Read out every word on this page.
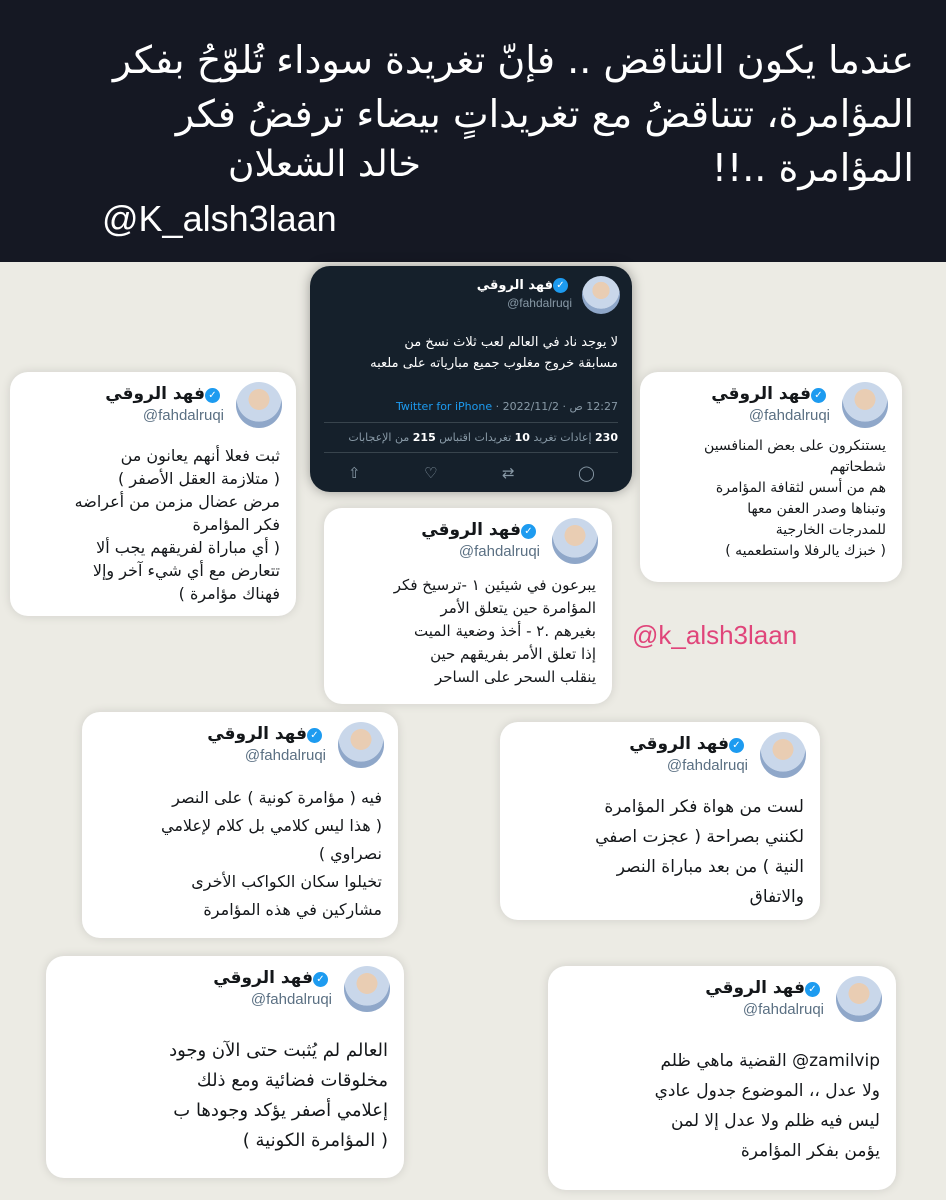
عندما يكون التناقض .. فإنّ تغريدة سوداء تُلوّحُ بفكر
المؤامرة، تتناقضُ مع تغريداتٍ بيضاء ترفضُ فكر
المؤامرة ..!!
خالد الشعلان
@K_alsh3laan
✓فهد الروقي
@fahdalruqi
لا يوجد ناد في العالم لعب ثلاث نسخ من
مسابقة خروج مغلوب جميع مبارياته على ملعبه
12:27 ص · 2022/11/2 · Twitter for iPhone
230 إعادات تغريد 10 تغريدات اقتباس 215 من الإعجابات
⇧	♡	⇄	◯
✓فهد الروقي
@fahdalruqi
ثبت فعلا أنهم يعانون من
( متلازمة العقل الأصفر )
مرض عضال مزمن من أعراضه
فكر المؤامرة
( أي مباراة لفريقهم يجب ألا
تتعارض مع أي شيء آخر وإلا
فهناك مؤامرة )
✓فهد الروقي
@fahdalruqi
يستنكرون على بعض المنافسين
شطحاتهم
هم من أسس لثقافة المؤامرة
وتبناها وصدر العفن معها
للمدرجات الخارجية
( خبزك يالرفلا واستطعميه )
✓فهد الروقي
@fahdalruqi
يبرعون في شيئين ١ -ترسيخ فكر
المؤامرة حين يتعلق الأمر
بغيرهم .٢ - أخذ وضعية الميت
إذا تعلق الأمر بفريقهم حين
ينقلب السحر على الساحر
@k_alsh3laan
✓فهد الروقي
@fahdalruqi
فيه ( مؤامرة كونية ) على النصر
( هذا ليس كلامي بل كلام لإعلامي
نصراوي )
تخيلوا سكان الكواكب الأخرى
مشاركين في هذه المؤامرة
✓فهد الروقي
@fahdalruqi
لست من هواة فكر المؤامرة
لكنني بصراحة ( عجزت اصفي
النية ) من بعد مباراة النصر
والاتفاق
✓فهد الروقي
@fahdalruqi
العالم لم يُثبت حتى الآن وجود
مخلوقات فضائية ومع ذلك
إعلامي أصفر يؤكد وجودها ب
( المؤامرة الكونية )
✓فهد الروقي
@fahdalruqi
zamilvip@ القضية ماهي ظلم
ولا عدل ،، الموضوع جدول عادي
ليس فيه ظلم ولا عدل إلا لمن
يؤمن بفكر المؤامرة
